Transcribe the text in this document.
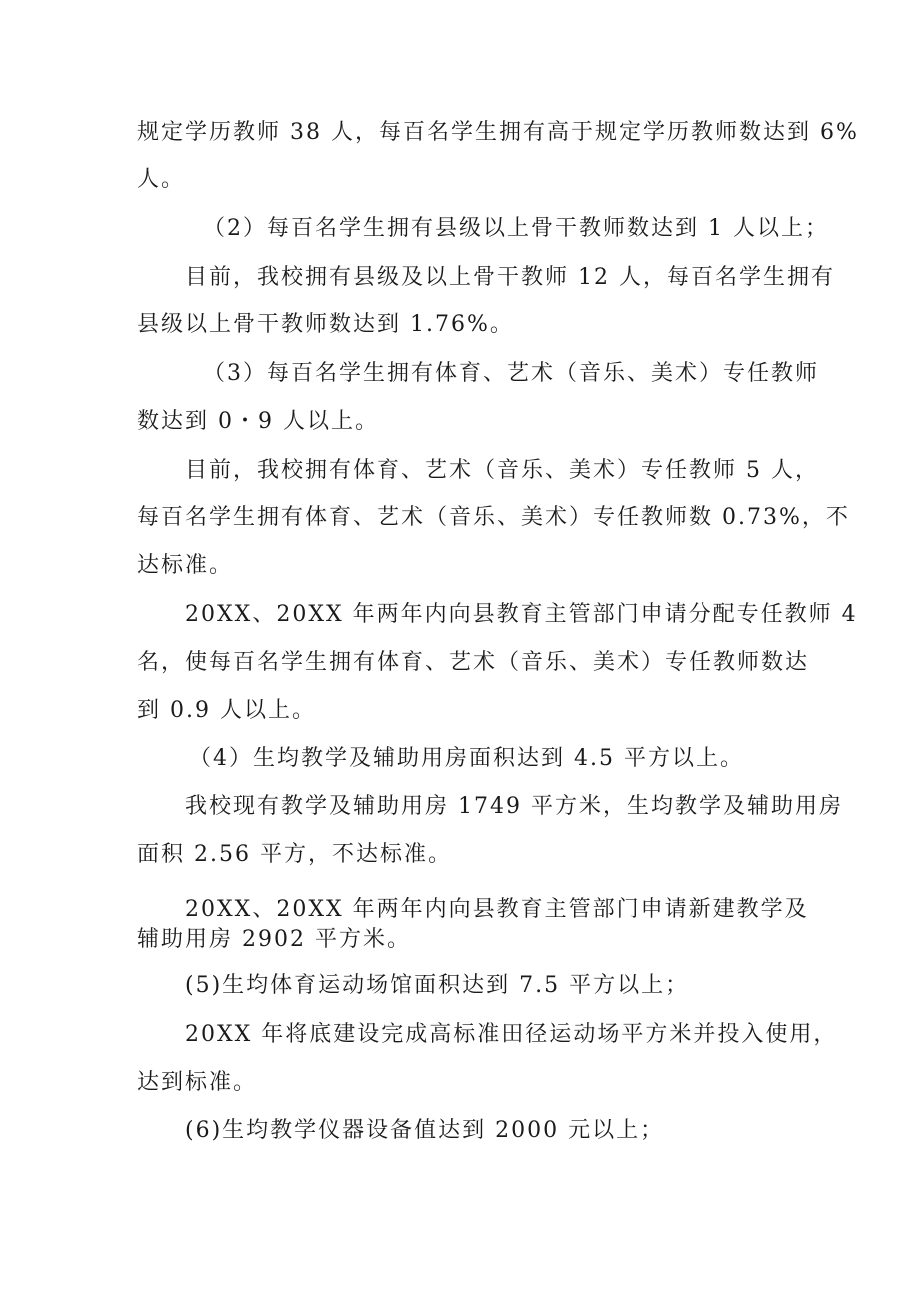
规定学历教师 38 人，每百名学生拥有高于规定学历教师数达到 6%
人。
（2）每百名学生拥有县级以上骨干教师数达到 1 人以上；
目前，我校拥有县级及以上骨干教师 12 人，每百名学生拥有
县级以上骨干教师数达到 1.76%。
（3）每百名学生拥有体育、艺术（音乐、美术）专任教师
数达到 0・9 人以上。
目前，我校拥有体育、艺术（音乐、美术）专任教师 5 人，
每百名学生拥有体育、艺术（音乐、美术）专任教师数 0.73%，不
达标准。
20XX、20XX 年两年内向县教育主管部门申请分配专任教师 4
名，使每百名学生拥有体育、艺术（音乐、美术）专任教师数达
到 0.9 人以上。
（4）生均教学及辅助用房面积达到 4.5 平方以上。
我校现有教学及辅助用房 1749 平方米，生均教学及辅助用房
面积 2.56 平方，不达标准。
20XX、20XX 年两年内向县教育主管部门申请新建教学及
辅助用房 2902 平方米。
(5)生均体育运动场馆面积达到 7.5 平方以上；
20XX 年将底建设完成高标准田径运动场平方米并投入使用，
达到标准。
(6)生均教学仪器设备值达到 2000 元以上；
